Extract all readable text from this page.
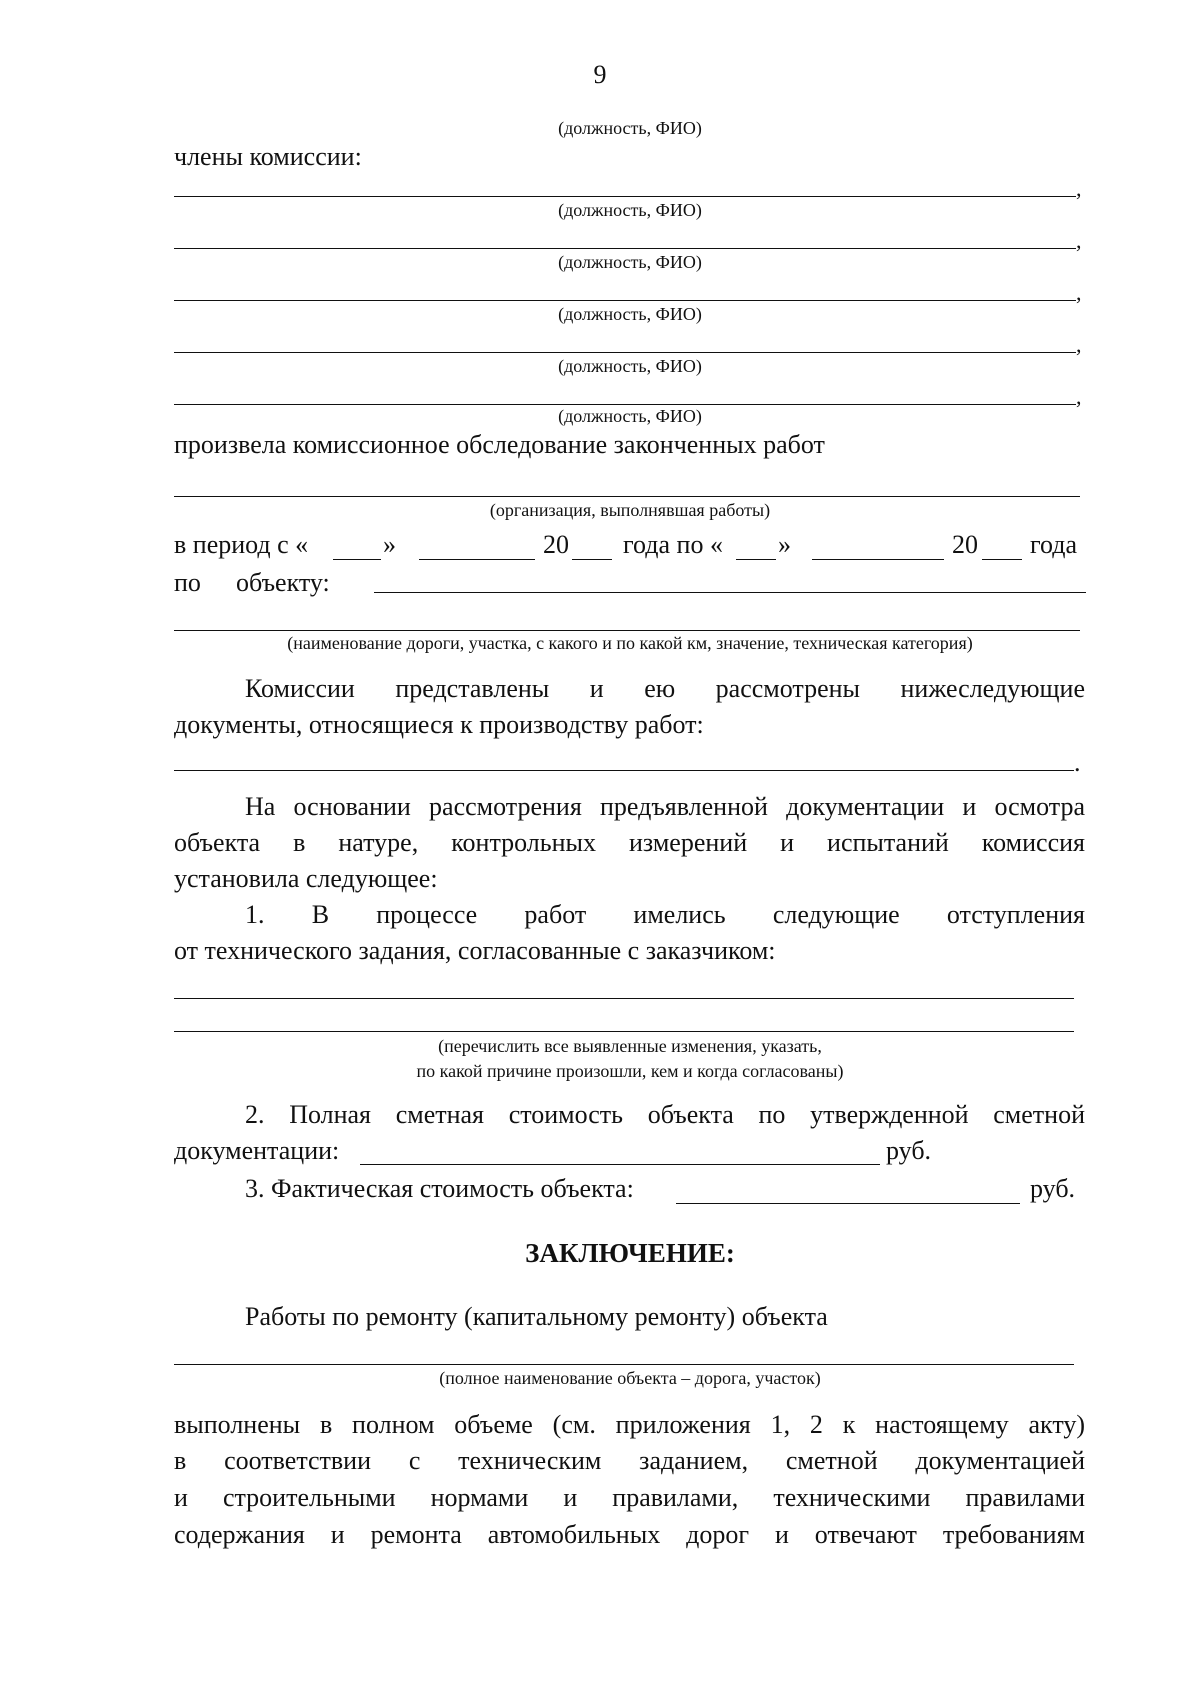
9
(должность, ФИО)
члены комиссии:
,
(должность, ФИО)
,
(должность, ФИО)
,
(должность, ФИО)
,
(должность, ФИО)
,
(должность, ФИО)
произвела комиссионное обследование законченных работ
(организация, выполнявшая работы)
в период с «	»	20 года по « »	20 года
по объекту:
(наименование дороги, участка, с какого и по какой км, значение, техническая категория)
Комиссии представлены и ею рассмотрены нижеследующие
документы, относящиеся к производству работ:
.
На основании рассмотрения предъявленной документации и осмотра
объекта в натуре, контрольных измерений и испытаний комиссия
установила следующее:
1. В процессе работ имелись следующие отступления
от технического задания, согласованные с заказчиком:
(перечислить все выявленные изменения, указать,
по какой причине произошли, кем и когда согласованы)
2. Полная сметная стоимость объекта по утвержденной сметной
документации:	руб.
3. Фактическая стоимость объекта:	руб.
ЗАКЛЮЧЕНИЕ:
Работы по ремонту (капитальному ремонту) объекта
(полное наименование объекта – дорога, участок)
выполнены в полном объеме (см. приложения 1, 2 к настоящему акту)
в соответствии с техническим заданием, сметной документацией
и строительными нормами и правилами, техническими правилами
содержания и ремонта автомобильных дорог и отвечают требованиям
